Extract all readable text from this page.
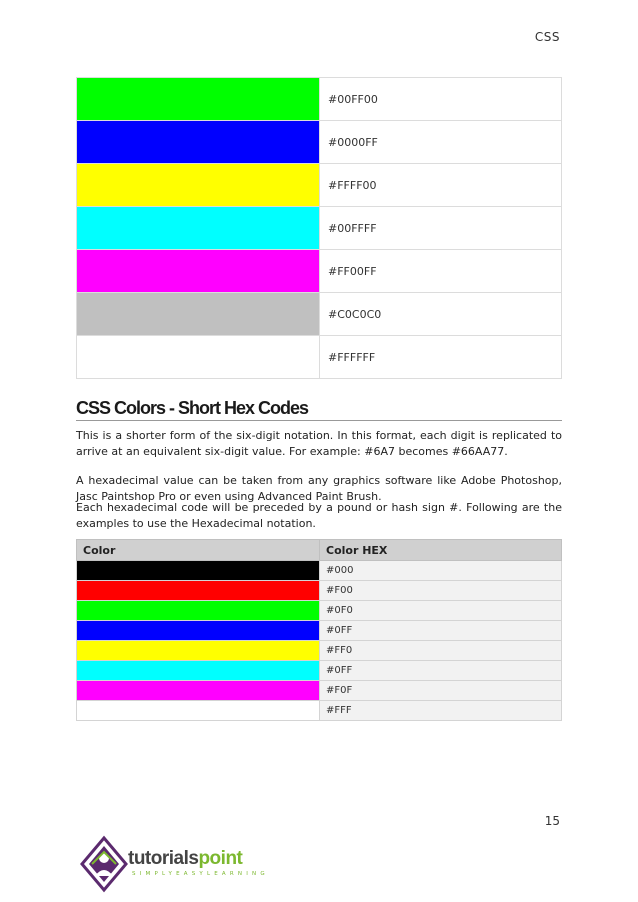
CSS
	#00FF00
	#0000FF
	#FFFF00
	#00FFFF
	#FF00FF
	#C0C0C0
	#FFFFFF
CSS Colors - Short Hex Codes

This is a shorter form of the six-digit notation. In this format, each digit is replicated to arrive at an equivalent six-digit value. For example: #6A7 becomes #66AA77.

A hexadecimal value can be taken from any graphics software like Adobe Photoshop, Jasc Paintshop Pro or even using Advanced Paint Brush.

Each hexadecimal code will be preceded by a pound or hash sign #. Following are the examples to use the Hexadecimal notation.

Color	Color HEX
	#000
	#F00
	#0F0
	#0FF
	#FF0
	#0FF
	#F0F
	#FFF
15
tutorialspoint
SIMPLYEASYLEARNING
